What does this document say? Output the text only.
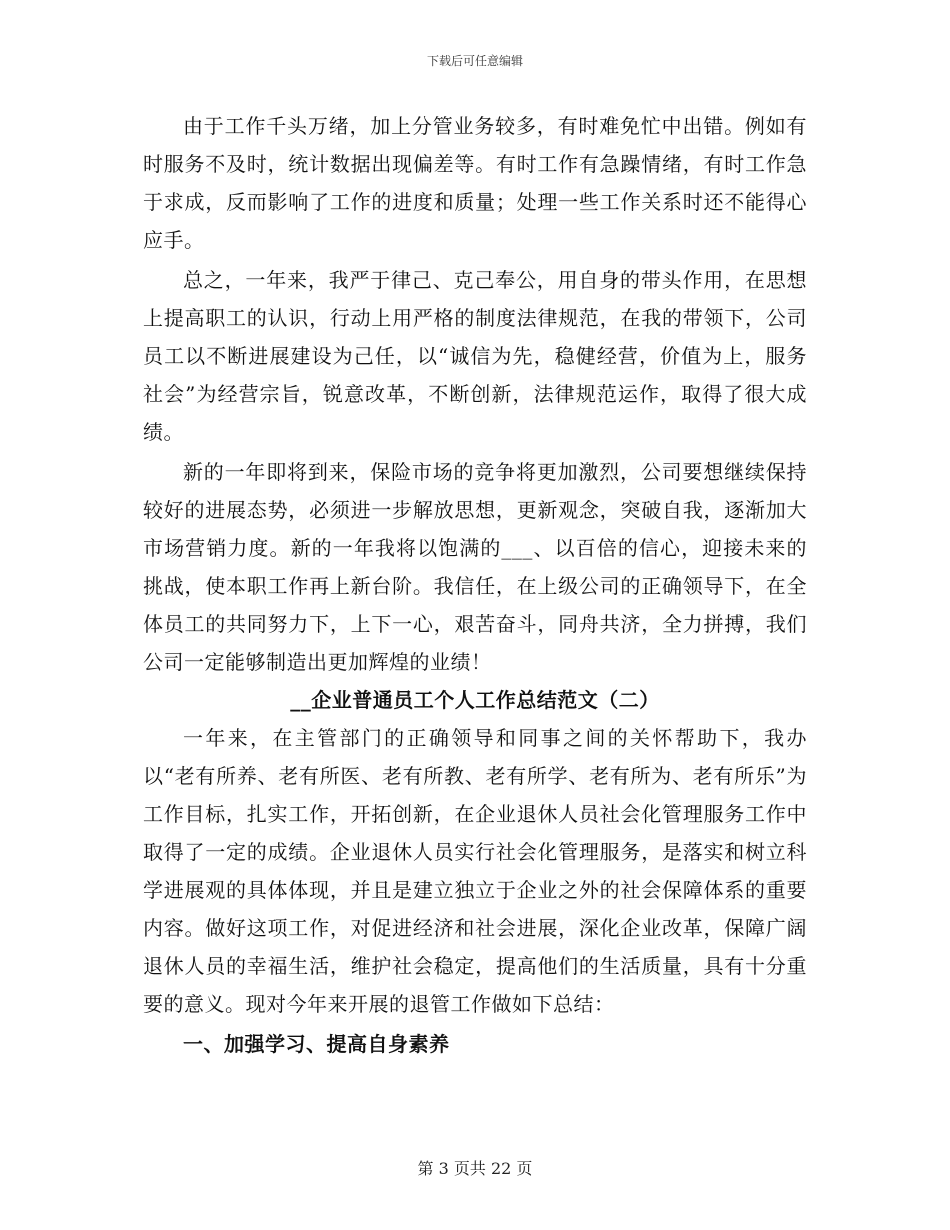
下载后可任意编辑

由于工作千头万绪，加上分管业务较多，有时难免忙中出错。例如有时服务不及时，统计数据出现偏差等。有时工作有急躁情绪，有时工作急于求成，反而影响了工作的进度和质量；处理一些工作关系时还不能得心应手。

总之，一年来，我严于律己、克己奉公，用自身的带头作用，在思想上提高职工的认识，行动上用严格的制度法律规范，在我的带领下，公司员工以不断进展建设为己任，以“诚信为先，稳健经营，价值为上，服务社会”为经营宗旨，锐意改革，不断创新，法律规范运作，取得了很大成绩。

新的一年即将到来，保险市场的竞争将更加激烈，公司要想继续保持较好的进展态势，必须进一步解放思想，更新观念，突破自我，逐渐加大市场营销力度。新的一年我将以饱满的___、以百倍的信心，迎接未来的挑战，使本职工作再上新台阶。我信任，在上级公司的正确领导下，在全体员工的共同努力下，上下一心，艰苦奋斗，同舟共济，全力拼搏，我们公司一定能够制造出更加辉煌的业绩！

__企业普通员工个人工作总结范文（二）

一年来，在主管部门的正确领导和同事之间的关怀帮助下，我办以“老有所养、老有所医、老有所教、老有所学、老有所为、老有所乐”为工作目标，扎实工作，开拓创新，在企业退休人员社会化管理服务工作中取得了一定的成绩。企业退休人员实行社会化管理服务，是落实和树立科学进展观的具体体现，并且是建立独立于企业之外的社会保障体系的重要内容。做好这项工作，对促进经济和社会进展，深化企业改革，保障广阔退休人员的幸福生活，维护社会稳定，提高他们的生活质量，具有十分重要的意义。现对今年来开展的退管工作做如下总结：

一、加强学习、提高自身素养

第 3 页共 22 页
